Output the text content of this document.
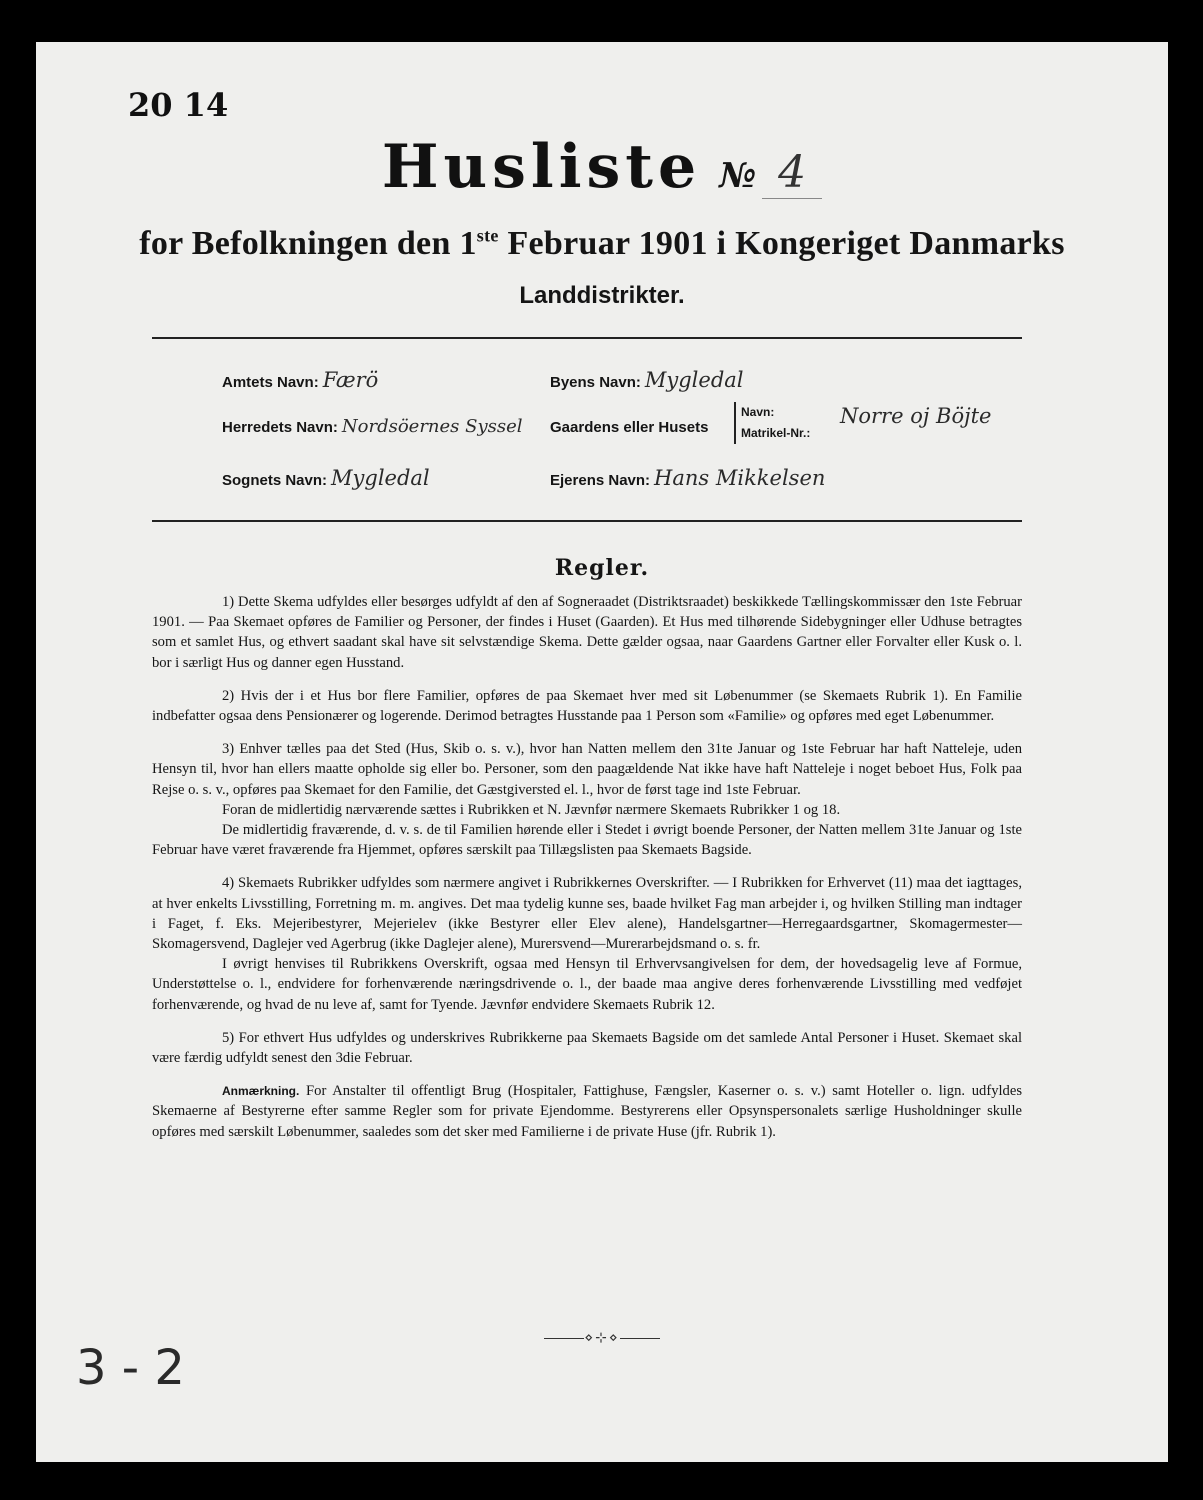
20 14
Husliste № 4
for Befolkningen den 1ste Februar 1901 i Kongeriget Danmarks
Landdistrikter.
Amtets Navn: Færö	Byens Navn: Mygledal
Herredets Navn: Nordsöernes Syssel Gaardens eller Husets
Navn:
Matrikel-Nr.:
Norre oj Böjte
Sognets Navn: Mygledal	Ejerens Navn: Hans Mikkelsen
Regler.

1) Dette Skema udfyldes eller besørges udfyldt af den af Sogneraadet (Distriktsraadet) beskikkede Tællingskommissær den 1ste Februar 1901. — Paa Skemaet opføres de Familier og Personer, der findes i Huset (Gaarden). Et Hus med tilhørende Sidebygninger eller Udhuse betragtes som et samlet Hus, og ethvert saadant skal have sit selvstændige Skema. Dette gælder ogsaa, naar Gaardens Gartner eller Forvalter eller Kusk o. l. bor i særligt Hus og danner egen Husstand.

2) Hvis der i et Hus bor flere Familier, opføres de paa Skemaet hver med sit Løbenummer (se Skemaets Rubrik 1). En Familie indbefatter ogsaa dens Pensionærer og logerende. Derimod betragtes Husstande paa 1 Person som «Familie» og opføres med eget Løbenummer.

3) Enhver tælles paa det Sted (Hus, Skib o. s. v.), hvor han Natten mellem den 31te Januar og 1ste Februar har haft Natteleje, uden Hensyn til, hvor han ellers maatte opholde sig eller bo. Personer, som den paagældende Nat ikke have haft Natteleje i noget beboet Hus, Folk paa Rejse o. s. v., opføres paa Skemaet for den Familie, det Gæstgiversted el. l., hvor de først tage ind 1ste Februar.

Foran de midlertidig nærværende sættes i Rubrikken et N. Jævnfør nærmere Skemaets Rubrikker 1 og 18.

De midlertidig fraværende, d. v. s. de til Familien hørende eller i Stedet i øvrigt boende Personer, der Natten mellem 31te Januar og 1ste Februar have været fraværende fra Hjemmet, opføres særskilt paa Tillægslisten paa Skemaets Bagside.

4) Skemaets Rubrikker udfyldes som nærmere angivet i Rubrikkernes Overskrifter. — I Rubrikken for Erhvervet (11) maa det iagttages, at hver enkelts Livsstilling, Forretning m. m. angives. Det maa tydelig kunne ses, baade hvilket Fag man arbejder i, og hvilken Stilling man indtager i Faget, f. Eks. Mejeribestyrer, Mejerielev (ikke Bestyrer eller Elev alene), Handelsgartner—Herregaardsgartner, Skomagermester—Skomagersvend, Daglejer ved Agerbrug (ikke Daglejer alene), Murersvend—Murerarbejdsmand o. s. fr.

I øvrigt henvises til Rubrikkens Overskrift, ogsaa med Hensyn til Erhvervsangivelsen for dem, der hovedsagelig leve af Formue, Understøttelse o. l., endvidere for forhenværende næringsdrivende o. l., der baade maa angive deres forhenværende Livsstilling med vedføjet forhenværende, og hvad de nu leve af, samt for Tyende. Jævnfør endvidere Skemaets Rubrik 12.

5) For ethvert Hus udfyldes og underskrives Rubrikkerne paa Skemaets Bagside om det samlede Antal Personer i Huset. Skemaet skal være færdig udfyldt senest den 3die Februar.

Anmærkning. For Anstalter til offentligt Brug (Hospitaler, Fattighuse, Fængsler, Kaserner o. s. v.) samt Hoteller o. lign. udfyldes Skemaerne af Bestyrerne efter samme Regler som for private Ejendomme. Bestyrerens eller Opsynspersonalets særlige Husholdninger skulle opføres med særskilt Løbenummer, saaledes som det sker med Familierne i de private Huse (jfr. Rubrik 1).

⋄⊹⋄
3 - 2
